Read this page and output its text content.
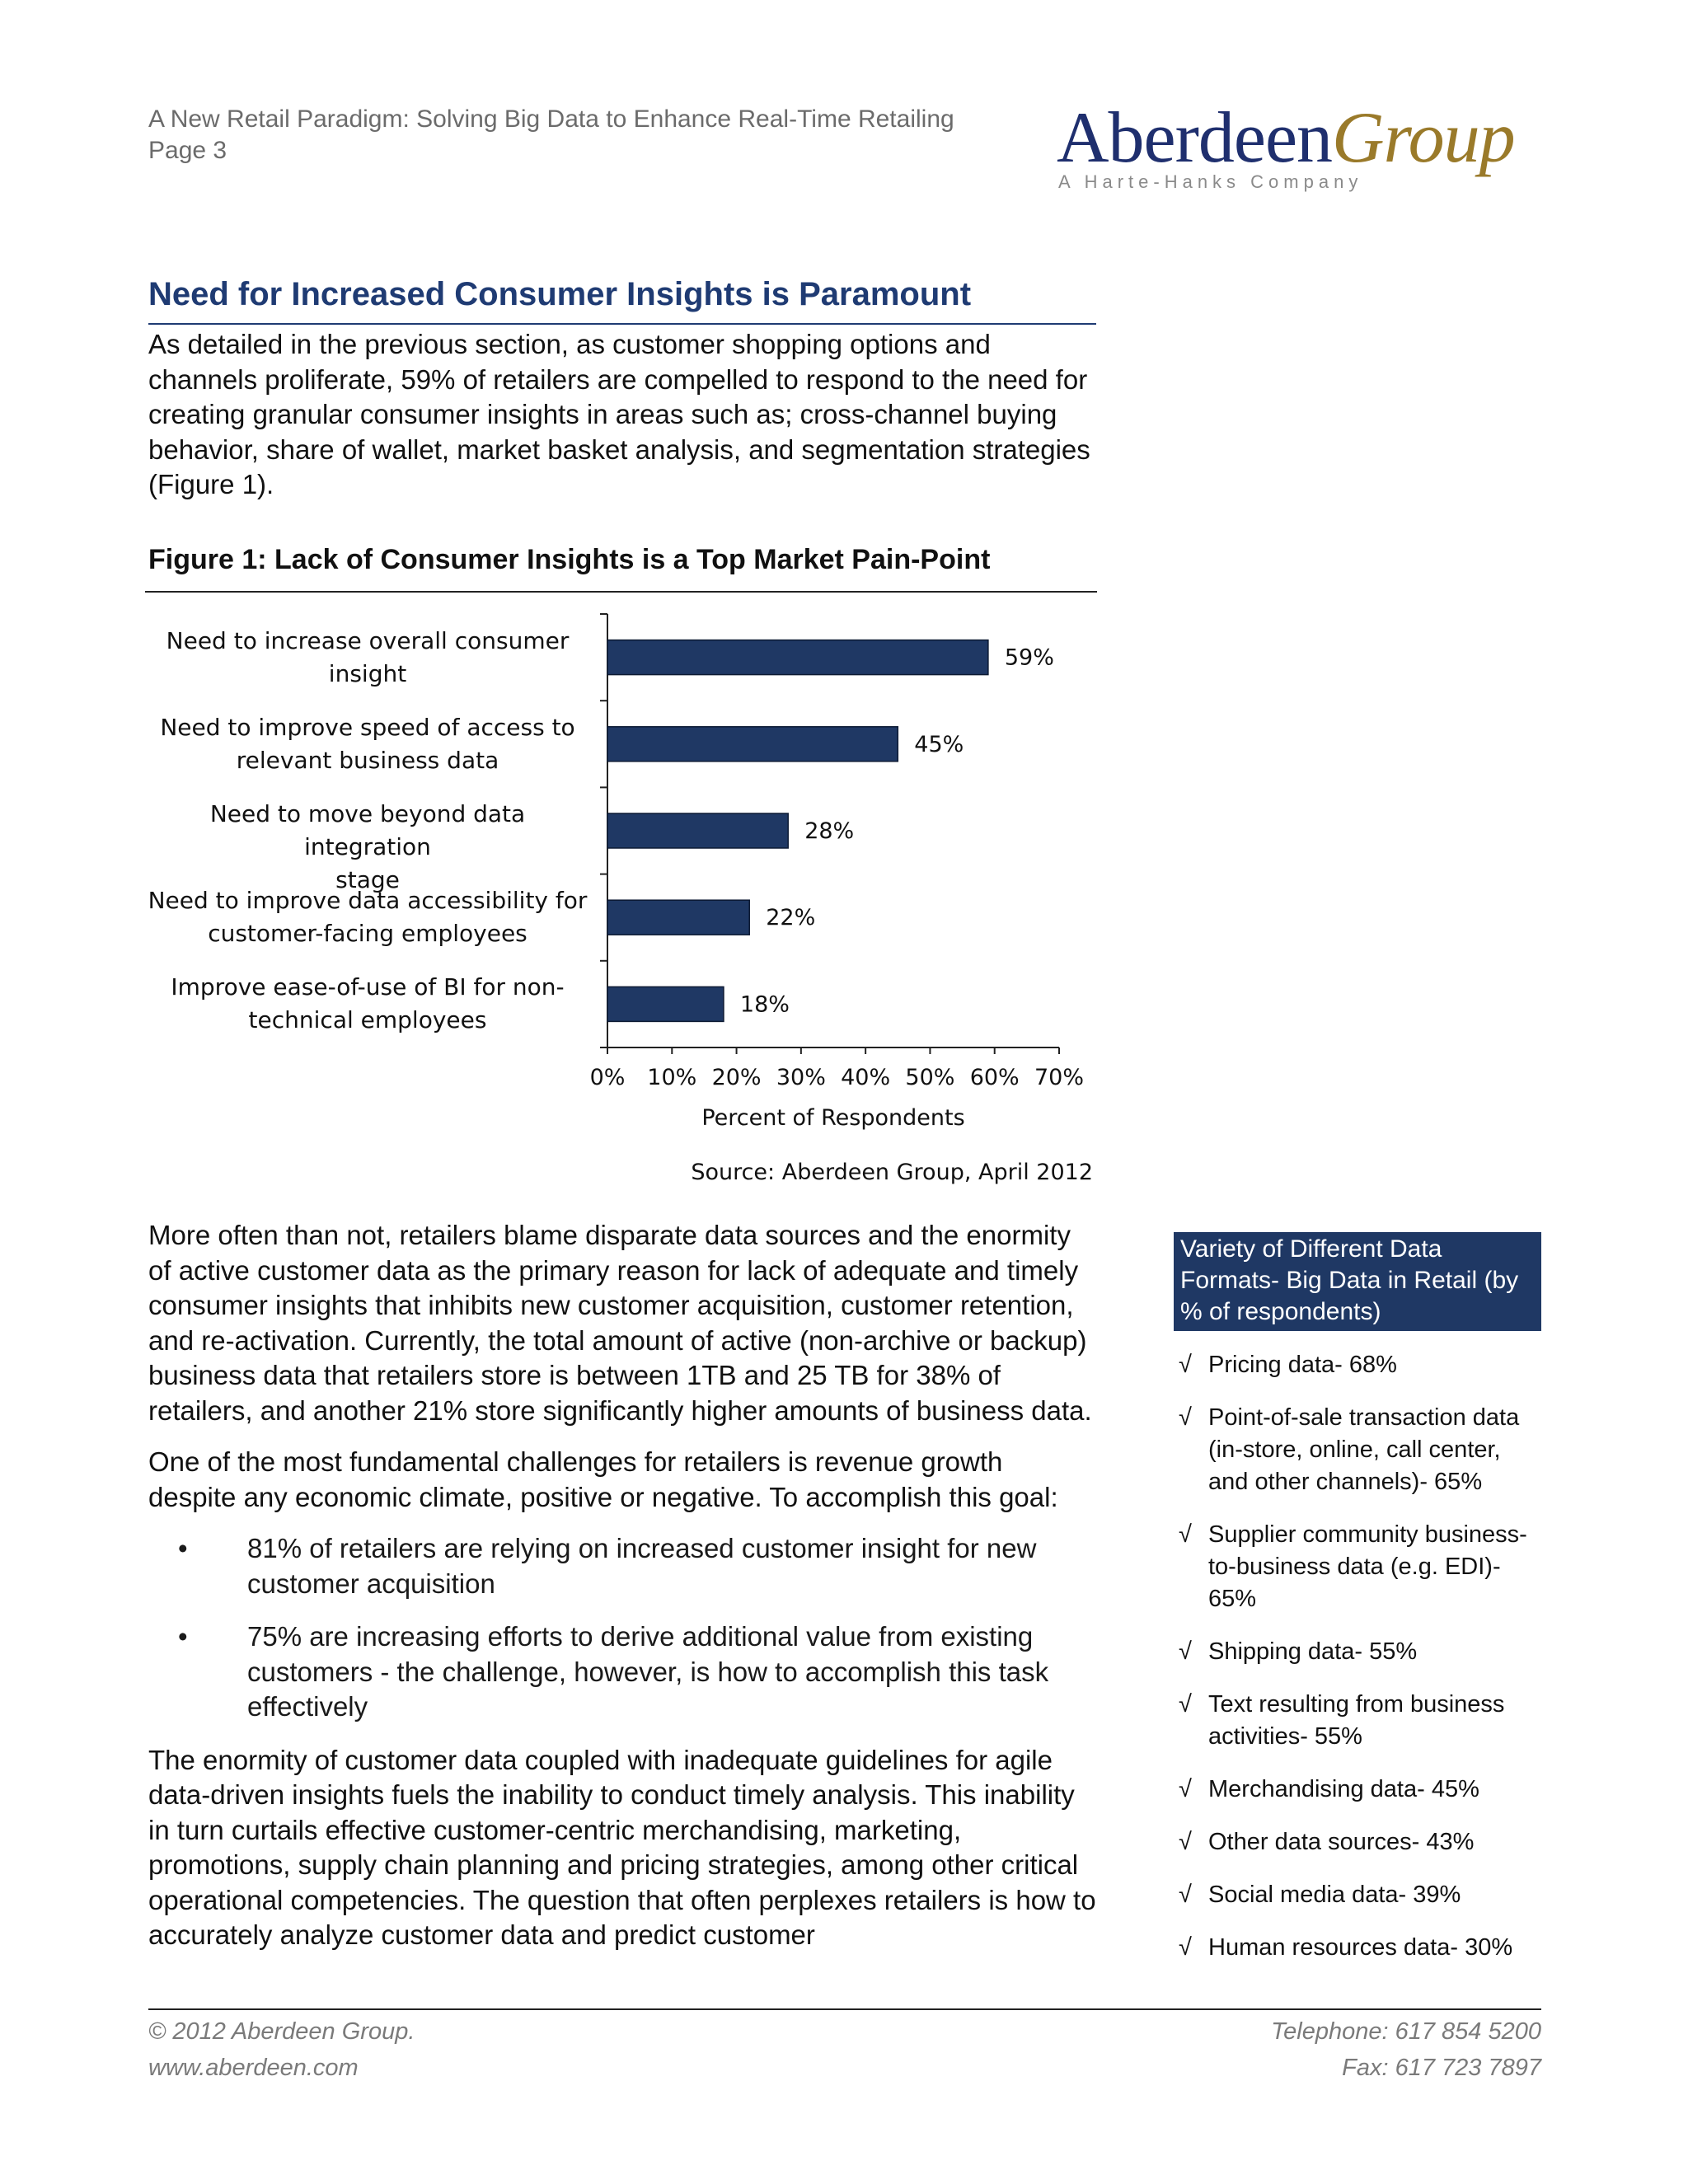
A New Retail Paradigm: Solving Big Data to Enhance Real-Time Retailing
Page 3	AberdeenGroup
A Harte-Hanks Company
Need for Increased Consumer Insights is Paramount

As detailed in the previous section, as customer shopping options and channels proliferate, 59% of retailers are compelled to respond to the need for creating granular consumer insights in areas such as; cross-channel buying behavior, share of wallet, market basket analysis, and segmentation strategies (Figure 1).

Figure 1: Lack of Consumer Insights is a Top Market Pain-Point
Need to increase overall consumer
insight
Need to improve speed of access to
relevant business data
Need to move beyond data integration
stage
Need to improve data accessibility for
customer-facing employees
Improve ease-of-use of BI for non-
technical employees
0% 10% 20% 30% 40% 50% 60% 70%
Percent of Respondents
59%
45%
28%
22%
18%
Source: Aberdeen Group, April 2012

More often than not, retailers blame disparate data sources and the enormity of active customer data as the primary reason for lack of adequate and timely consumer insights that inhibits new customer acquisition, customer retention, and re-activation. Currently, the total amount of active (non-archive or backup) business data that retailers store is between 1TB and 25 TB for 38% of retailers, and another 21% store significantly higher amounts of business data.

One of the most fundamental challenges for retailers is revenue growth despite any economic climate, positive or negative. To accomplish this goal:

• 81% of retailers are relying on increased customer insight for new customer acquisition
• 75% are increasing efforts to derive additional value from existing customers - the challenge, however, is how to accomplish this task effectively

The enormity of customer data coupled with inadequate guidelines for agile data-driven insights fuels the inability to conduct timely analysis. This inability in turn curtails effective customer-centric merchandising, marketing, promotions, supply chain planning and pricing strategies, among other critical operational competencies. The question that often perplexes retailers is how to accurately analyze customer data and predict customer

Variety of Different Data Formats- Big Data in Retail (by % of respondents)
√ Pricing data- 68%
√ Point-of-sale transaction data (in-store, online, call center, and other channels)- 65%
√ Supplier community business-to-business data (e.g. EDI)- 65%
√ Shipping data- 55%
√ Text resulting from business activities- 55%
√ Merchandising data- 45%
√ Other data sources- 43%
√ Social media data- 39%
√ Human resources data- 30%
© 2012 Aberdeen Group.
www.aberdeen.com
Telephone: 617 854 5200
Fax: 617 723 7897
